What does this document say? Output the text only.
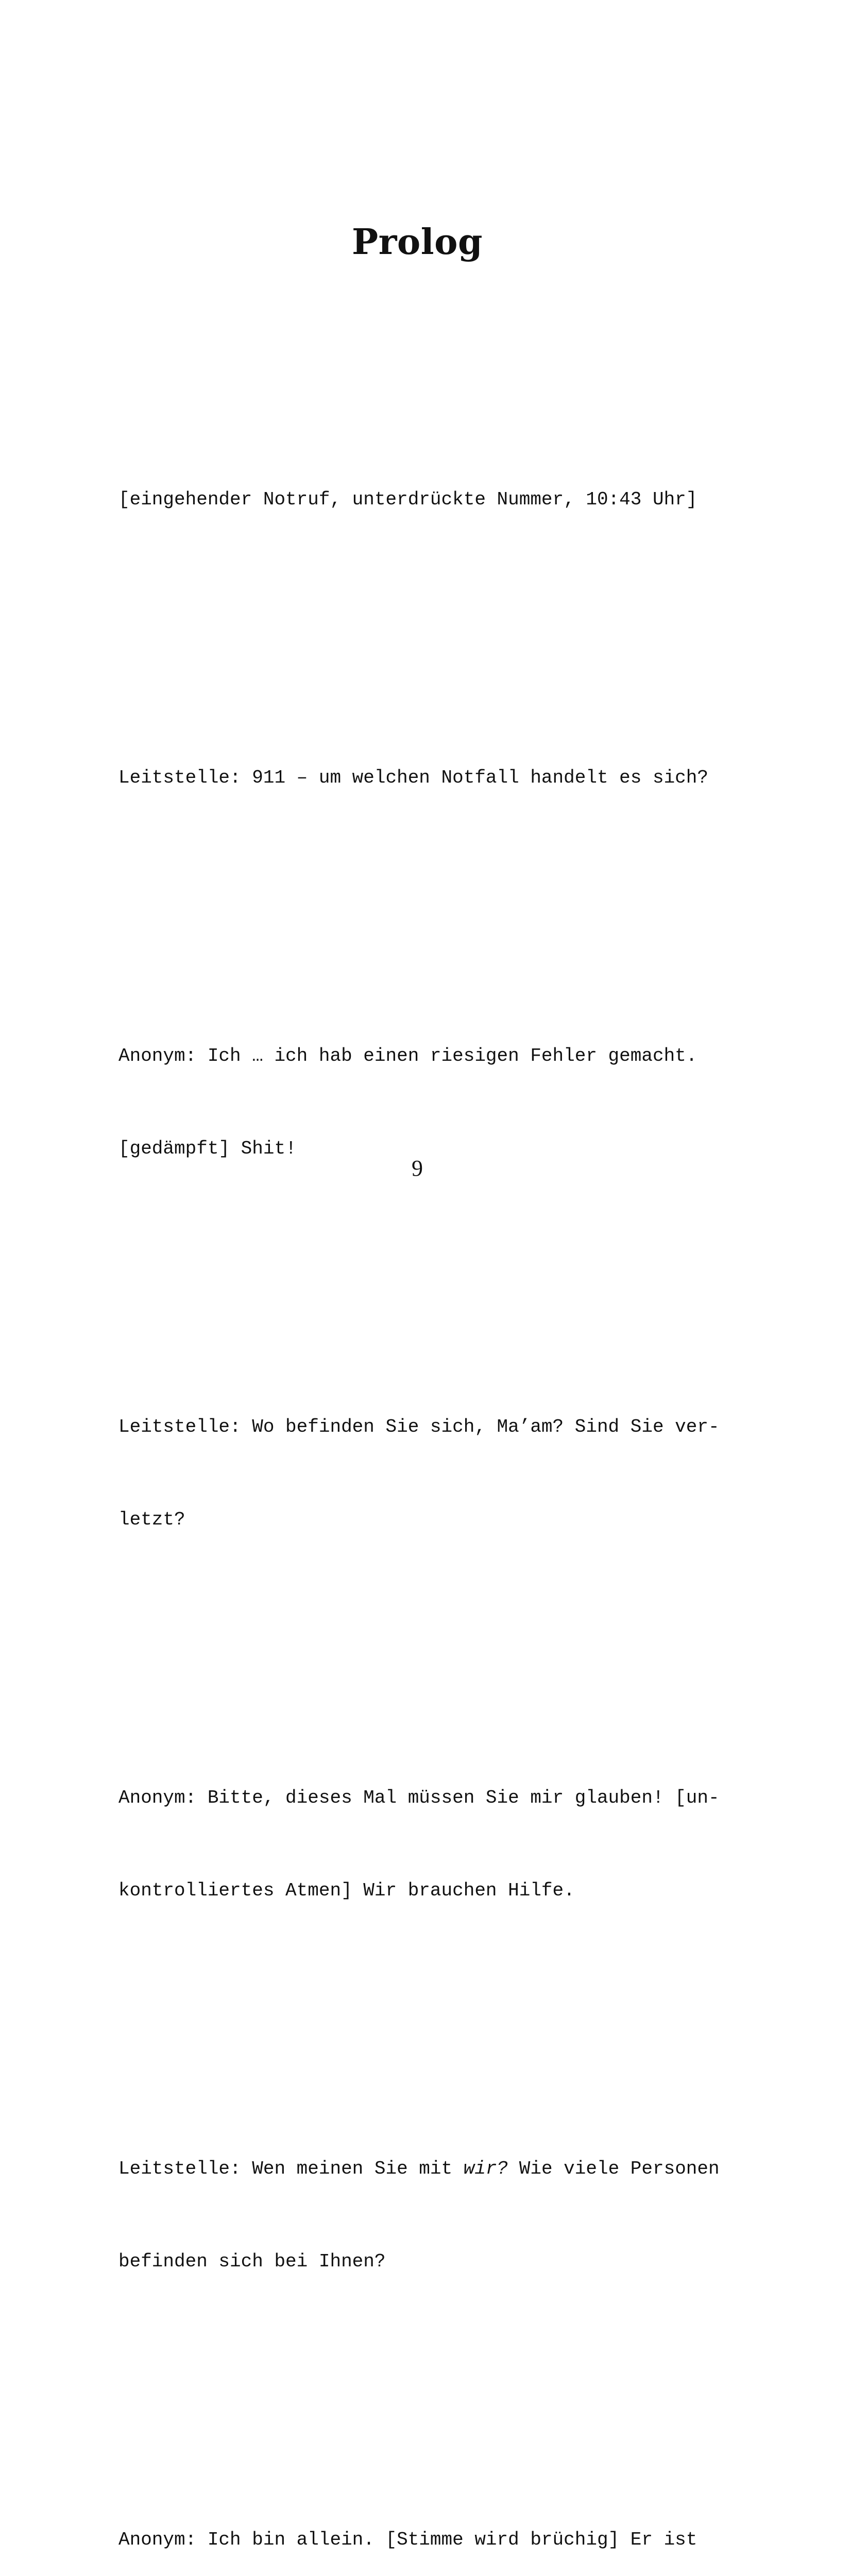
Prolog

[eingehender Notruf, unterdrückte Nummer, 10:43 Uhr]

Leitstelle: 911 – um welchen Notfall handelt es sich?

Anonym: Ich … ich hab einen riesigen Fehler gemacht.

[gedämpft] Shit!

Leitstelle: Wo befinden Sie sich, Ma’am? Sind Sie ver-

letzt?

Anonym: Bitte, dieses Mal müssen Sie mir glauben! [un-

kontrolliertes Atmen] Wir brauchen Hilfe.

Leitstelle: Wen meinen Sie mit wir? Wie viele Personen

befinden sich bei Ihnen?

Anonym: Ich bin allein. [Stimme wird brüchig] Er ist

9
